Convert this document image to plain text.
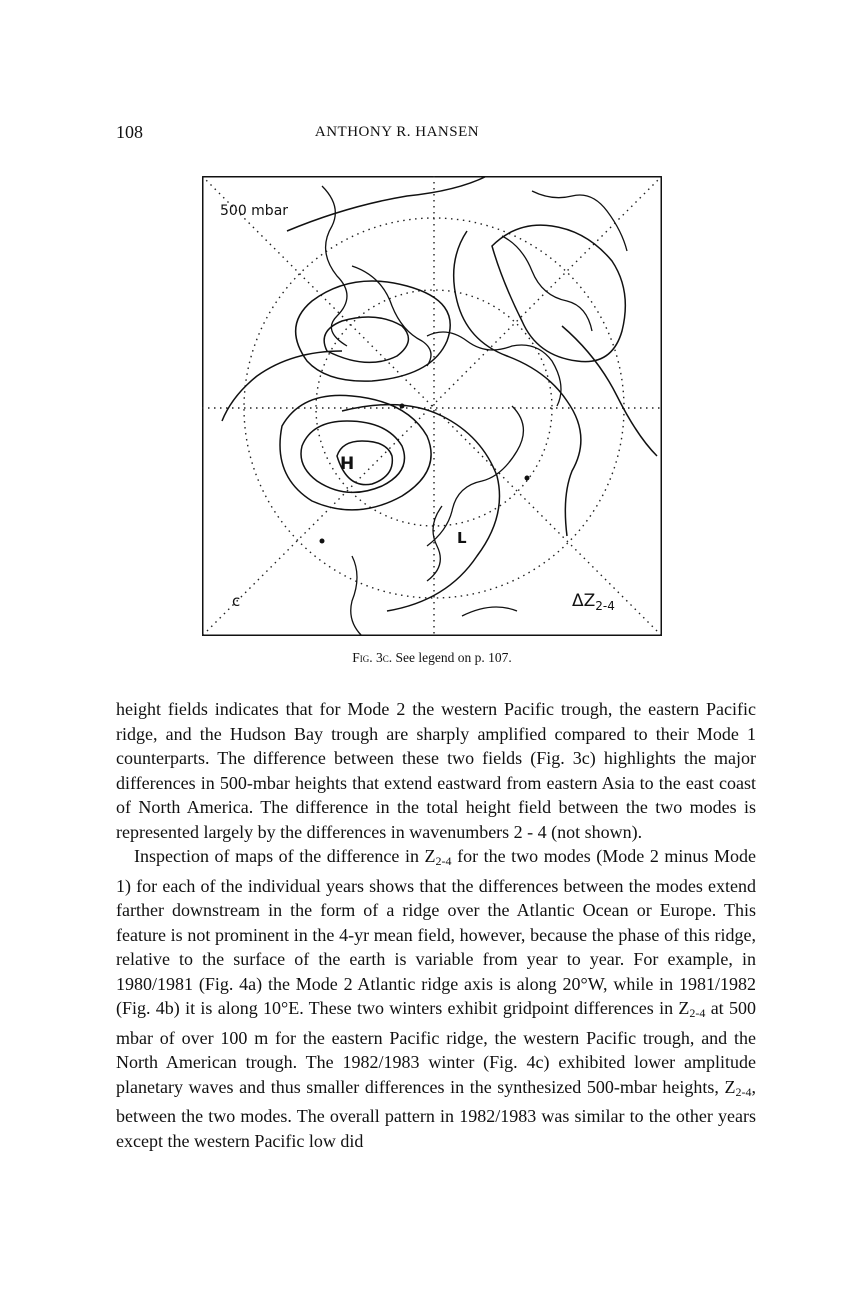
108	ANTHONY R. HANSEN
500 mbar
c	$\Delta Z_{2-4}$
H
L
Fig. 3c. See legend on p. 107.

height fields indicates that for Mode 2 the western Pacific trough, the eastern Pacific ridge, and the Hudson Bay trough are sharply amplified compared to their Mode 1 counterparts. The difference between these two fields (Fig. 3c) highlights the major differences in 500-mbar heights that extend eastward from eastern Asia to the east coast of North America. The difference in the total height field between the two modes is represented largely by the differences in wavenumbers 2 - 4 (not shown).

Inspection of maps of the difference in $Z_{2-4}$ for the two modes (Mode 2 minus Mode 1) for each of the individual years shows that the differences between the modes extend farther downstream in the form of a ridge over the Atlantic Ocean or Europe. This feature is not prominent in the 4-yr mean field, however, because the phase of this ridge, relative to the surface of the earth is variable from year to year. For example, in 1980/1981 (Fig. 4a) the Mode 2 Atlantic ridge axis is along 20°W, while in 1981/1982 (Fig. 4b) it is along 10°E. These two winters exhibit gridpoint differences in $Z_{2-4}$ at 500 mbar of over 100 m for the eastern Pacific ridge, the western Pacific trough, and the North American trough. The 1982/1983 winter (Fig. 4c) exhibited lower amplitude planetary waves and thus smaller differences in the synthesized 500-mbar heights, $Z_{2-4}$, between the two modes. The overall pattern in 1982/1983 was similar to the other years except the western Pacific low did
